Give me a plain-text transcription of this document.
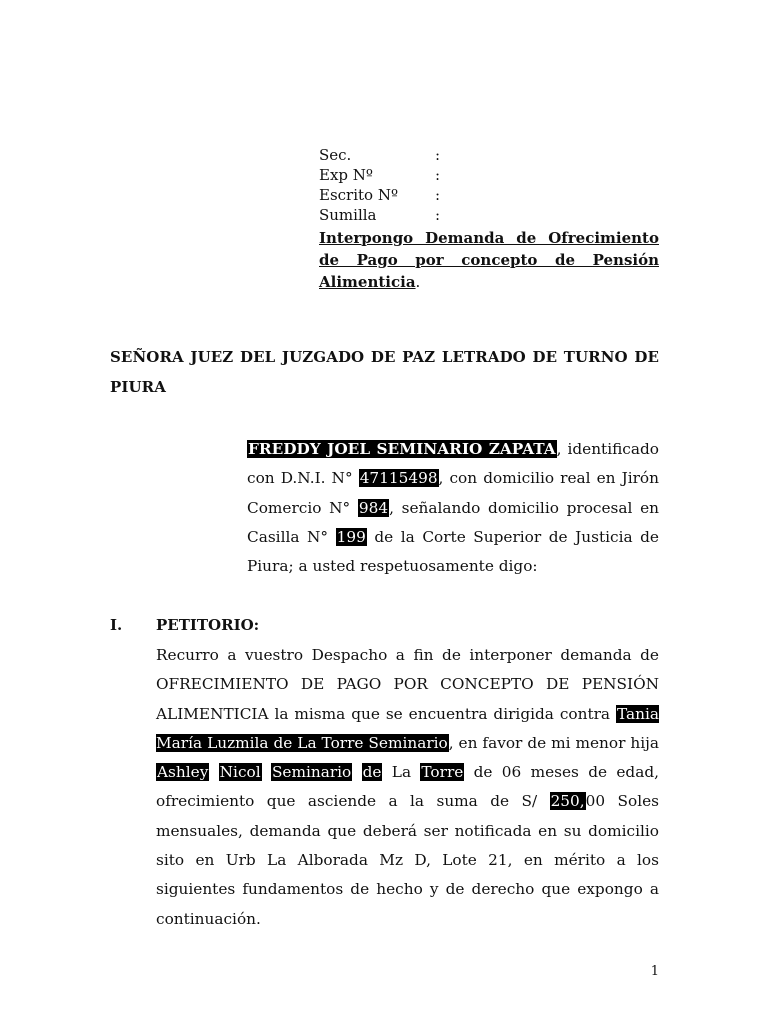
Sec.	:
Exp Nº	:
Escrito Nº	:
Sumilla	:
Interpongo Demanda de Ofrecimiento de Pago por concepto de Pensión Alimenticia.
SEÑORA JUEZ DEL JUZGADO DE PAZ LETRADO DE TURNO DE PIURA
FREDDY JOEL SEMINARIO ZAPATA, identificado con D.N.I. N° 47115498, con domicilio real en Jirón Comercio N° 984, señalando domicilio procesal en Casilla N° 199 de la Corte Superior de Justicia de Piura; a usted respetuosamente digo:
I. PETITORIO:
Recurro a vuestro Despacho a fin de interponer demanda de OFRECIMIENTO DE PAGO POR CONCEPTO DE PENSIÓN ALIMENTICIA la misma que se encuentra dirigida contra Tania María Luzmila de La Torre Seminario, en favor de mi menor hija Ashley Nicol Seminario de La Torre de 06 meses de edad, ofrecimiento que asciende a la suma de S/ 250,00 Soles mensuales, demanda que deberá ser notificada en su domicilio sito en Urb La Alborada Mz D, Lote 21, en mérito a los siguientes fundamentos de hecho y de derecho que expongo a continuación.
1
